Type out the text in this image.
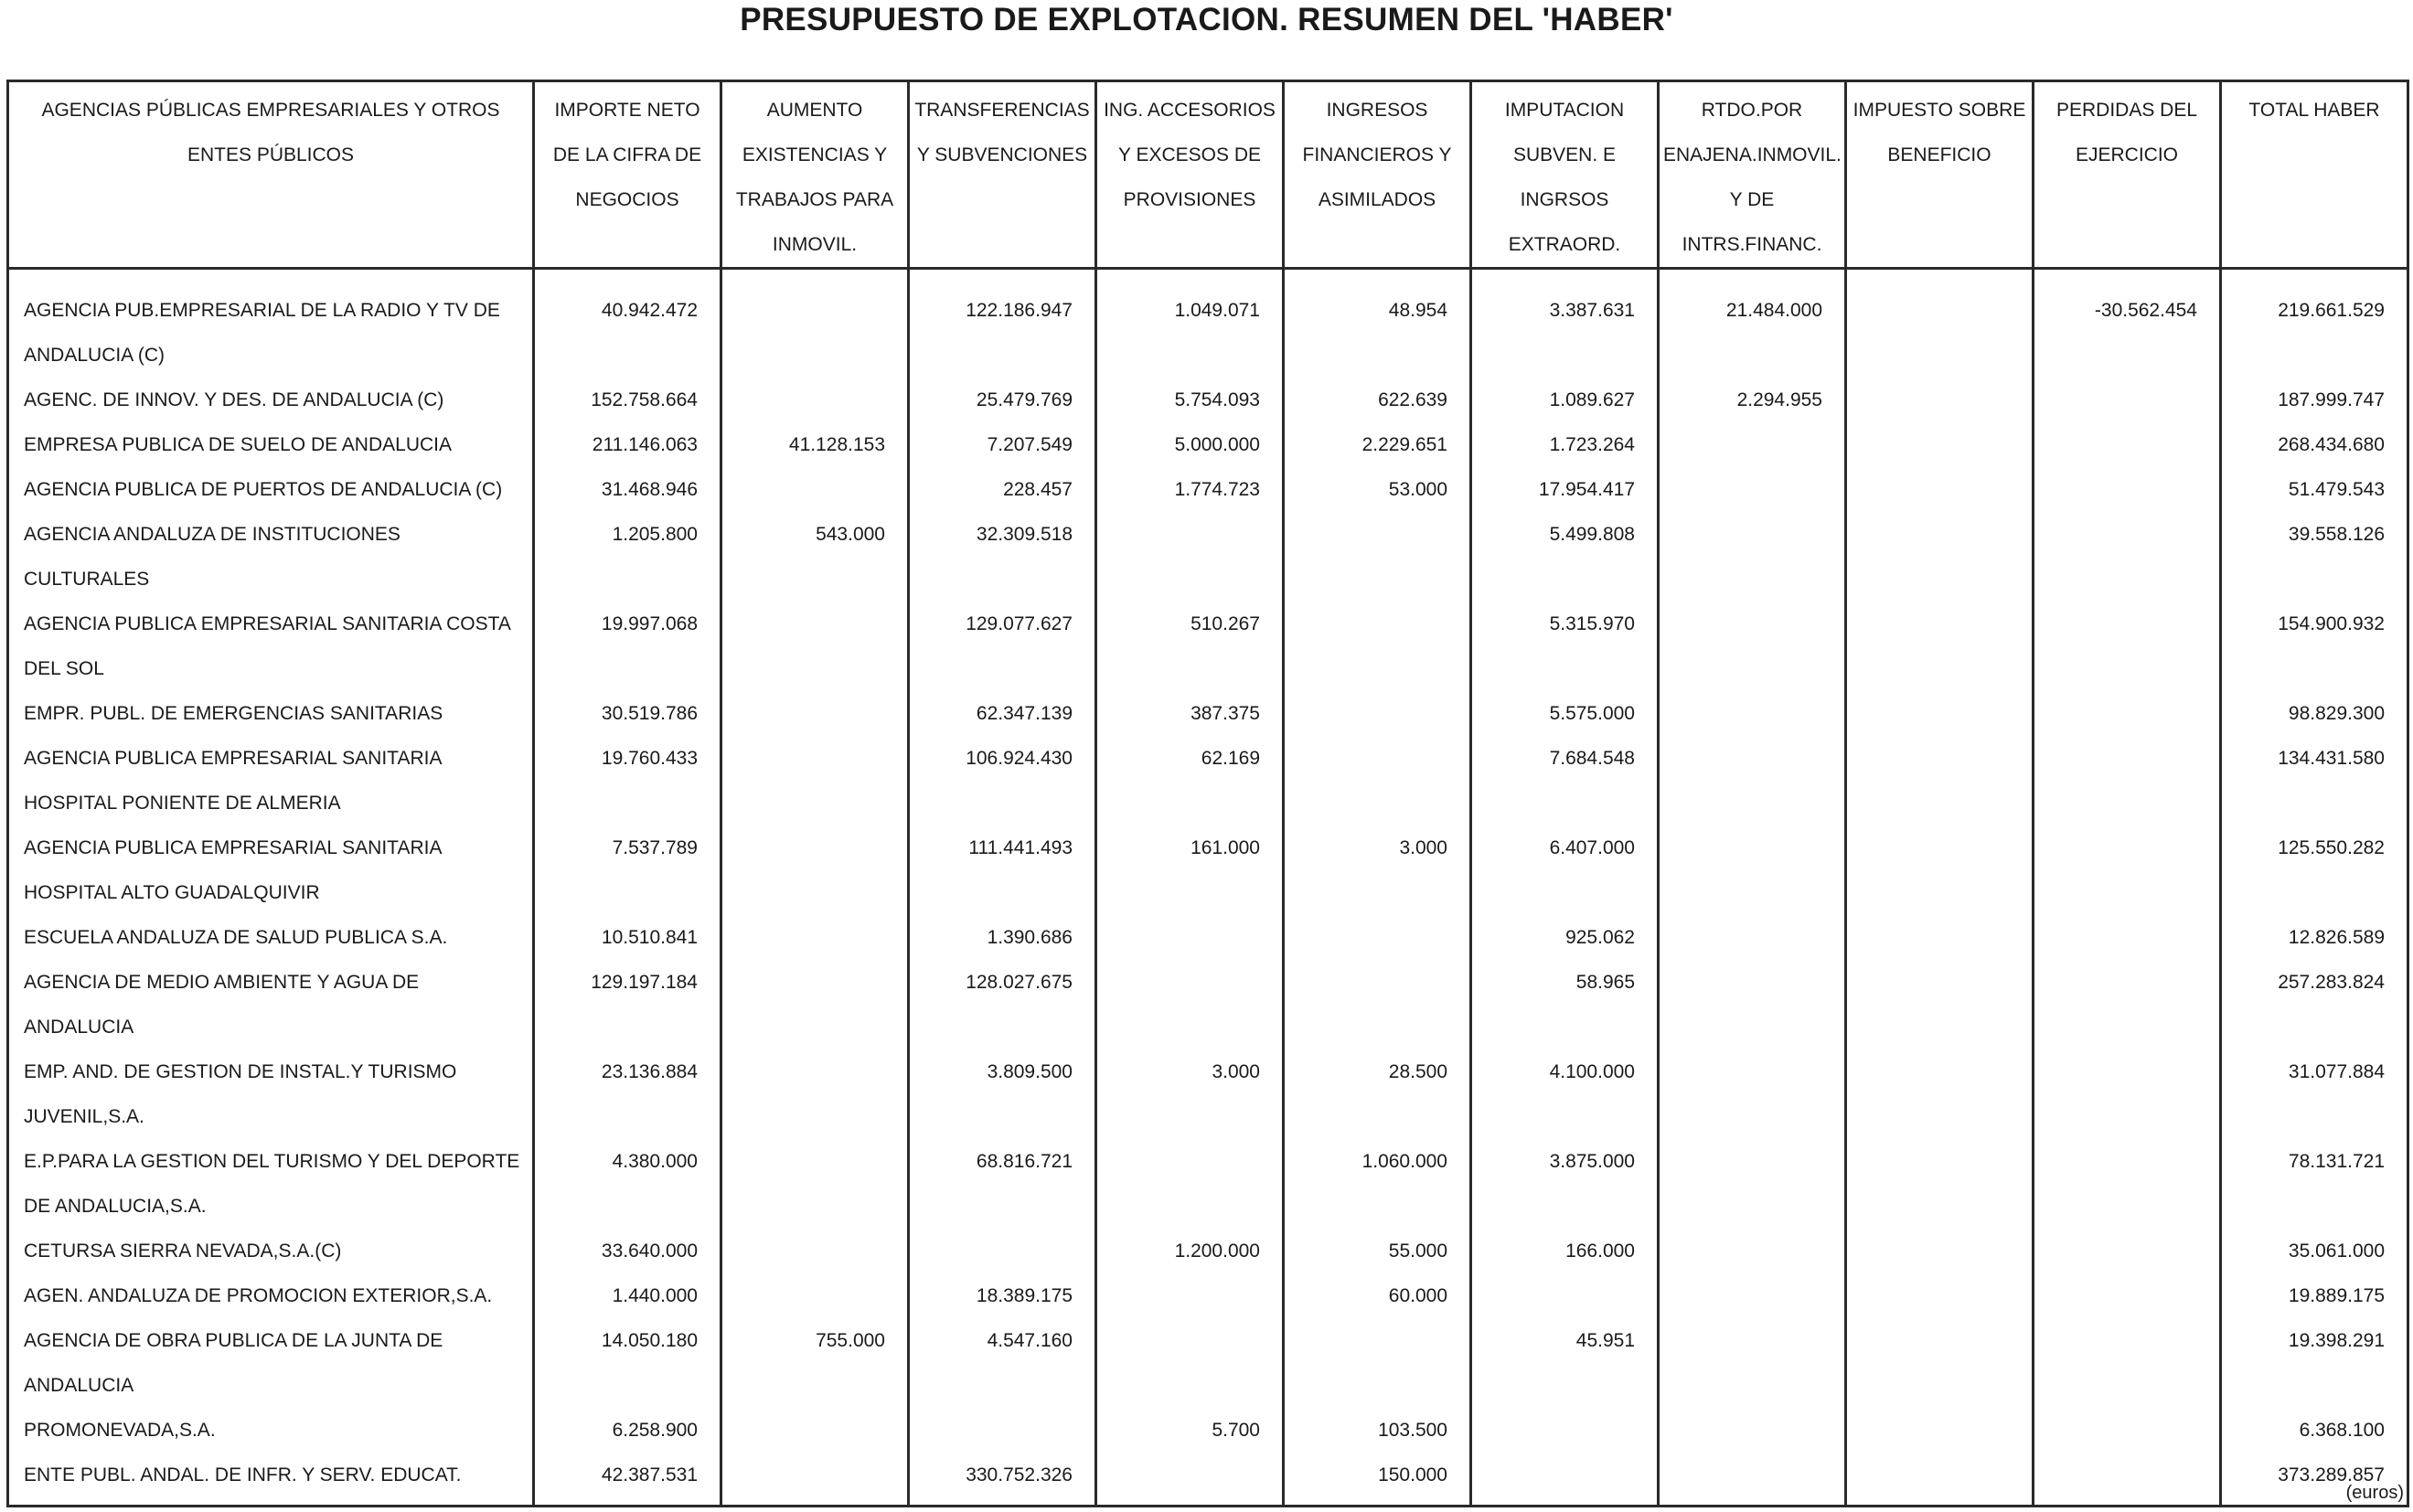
PRESUPUESTO DE EXPLOTACION. RESUMEN DEL 'HABER'
AGENCIAS PÚBLICAS EMPRESARIALES Y OTROS ENTES PÚBLICOS	IMPORTE NETO DE LA CIFRA DE NEGOCIOS	AUMENTO EXISTENCIAS Y TRABAJOS PARA INMOVIL.	TRANSFERENCIAS Y SUBVENCIONES	ING. ACCESORIOS Y EXCESOS DE PROVISIONES	INGRESOS FINANCIEROS Y ASIMILADOS	IMPUTACION SUBVEN. E INGRSOS EXTRAORD.	RTDO.POR ENAJENA.INMOVIL. Y DE INTRS.FINANC.	IMPUESTO SOBRE BENEFICIO	PERDIDAS DEL EJERCICIO	TOTAL HABER
AGENCIA PUB.EMPRESARIAL DE LA RADIO Y TV DE ANDALUCIA (C)	40.942.472		122.186.947	1.049.071	48.954	3.387.631	21.484.000		-30.562.454	219.661.529
AGENC. DE INNOV. Y DES. DE ANDALUCIA (C)	152.758.664		25.479.769	5.754.093	622.639	1.089.627	2.294.955			187.999.747
EMPRESA PUBLICA DE SUELO DE ANDALUCIA	211.146.063	41.128.153	7.207.549	5.000.000	2.229.651	1.723.264				268.434.680
AGENCIA PUBLICA DE PUERTOS DE ANDALUCIA (C)	31.468.946		228.457	1.774.723	53.000	17.954.417				51.479.543
AGENCIA ANDALUZA DE INSTITUCIONES CULTURALES	1.205.800	543.000	32.309.518			5.499.808				39.558.126
AGENCIA PUBLICA EMPRESARIAL SANITARIA COSTA DEL SOL	19.997.068		129.077.627	510.267		5.315.970				154.900.932
EMPR. PUBL. DE EMERGENCIAS SANITARIAS	30.519.786		62.347.139	387.375		5.575.000				98.829.300
AGENCIA PUBLICA EMPRESARIAL SANITARIA HOSPITAL PONIENTE DE ALMERIA	19.760.433		106.924.430	62.169		7.684.548				134.431.580
AGENCIA PUBLICA EMPRESARIAL SANITARIA HOSPITAL ALTO GUADALQUIVIR	7.537.789		111.441.493	161.000	3.000	6.407.000				125.550.282
ESCUELA ANDALUZA DE SALUD PUBLICA S.A.	10.510.841		1.390.686			925.062				12.826.589
AGENCIA DE MEDIO AMBIENTE Y AGUA DE ANDALUCIA	129.197.184		128.027.675			58.965				257.283.824
EMP. AND. DE GESTION DE INSTAL.Y TURISMO JUVENIL,S.A.	23.136.884		3.809.500	3.000	28.500	4.100.000				31.077.884
E.P.PARA LA GESTION DEL TURISMO Y DEL DEPORTE DE ANDALUCIA,S.A.	4.380.000		68.816.721		1.060.000	3.875.000				78.131.721
CETURSA SIERRA NEVADA,S.A.(C)	33.640.000			1.200.000	55.000	166.000				35.061.000
AGEN. ANDALUZA DE PROMOCION EXTERIOR,S.A.	1.440.000		18.389.175		60.000					19.889.175
AGENCIA DE OBRA PUBLICA DE LA JUNTA DE ANDALUCIA	14.050.180	755.000	4.547.160			45.951				19.398.291
PROMONEVADA,S.A.	6.258.900			5.700	103.500					6.368.100
ENTE PUBL. ANDAL. DE INFR. Y SERV. EDUCAT.	42.387.531		330.752.326		150.000					373.289.857
(euros)
